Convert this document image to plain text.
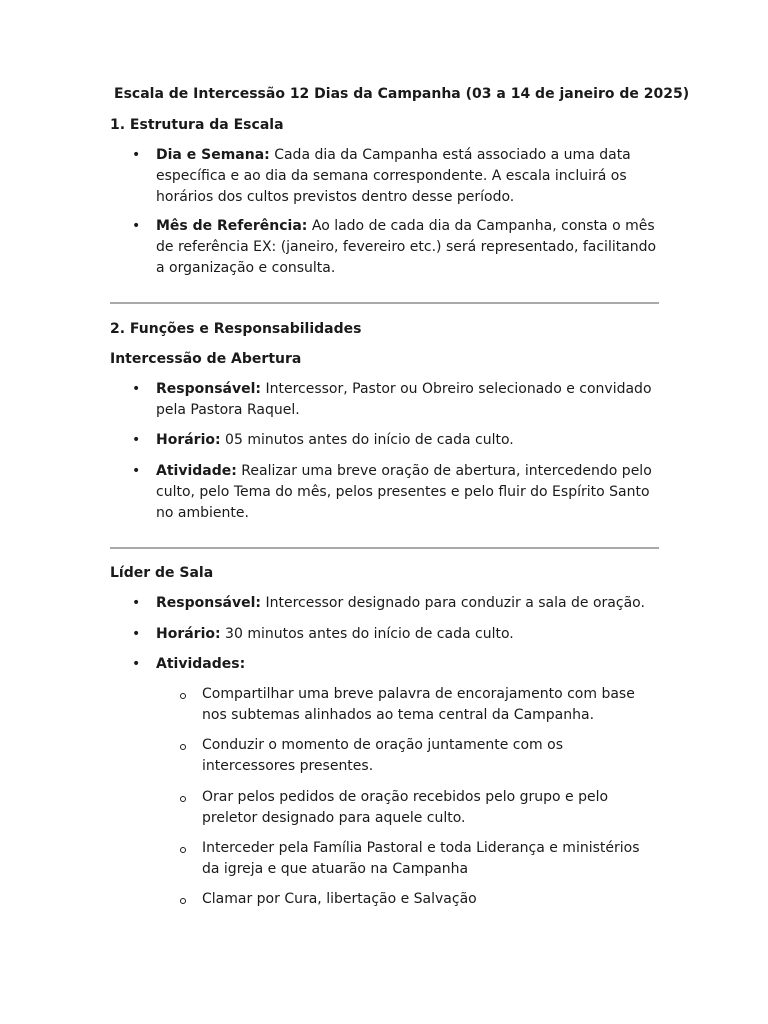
Escala de Intercessão 12 Dias da Campanha (03 a 14 de janeiro de 2025)
1. Estrutura da Escala
• Dia e Semana: Cada dia da Campanha está associado a uma data específica e ao dia da semana correspondente. A escala incluirá os horários dos cultos previstos dentro desse período.
• Mês de Referência: Ao lado de cada dia da Campanha, consta o mês de referência EX: (janeiro, fevereiro etc.) será representado, facilitando a organização e consulta.
2. Funções e Responsabilidades
Intercessão de Abertura
• Responsável: Intercessor, Pastor ou Obreiro selecionado e convidado pela Pastora Raquel.
• Horário: 05 minutos antes do início de cada culto.
• Atividade: Realizar uma breve oração de abertura, intercedendo pelo culto, pelo Tema do mês, pelos presentes e pelo fluir do Espírito Santo no ambiente.
Líder de Sala
• Responsável: Intercessor designado para conduzir a sala de oração.
• Horário: 30 minutos antes do início de cada culto.
• Atividades:
Compartilhar uma breve palavra de encorajamento com base nos subtemas alinhados ao tema central da Campanha.
Conduzir o momento de oração juntamente com os intercessores presentes.
Orar pelos pedidos de oração recebidos pelo grupo e pelo preletor designado para aquele culto.
Interceder pela Família Pastoral e toda Liderança e ministérios da igreja e que atuarão na Campanha
Clamar por Cura, libertação e Salvação
